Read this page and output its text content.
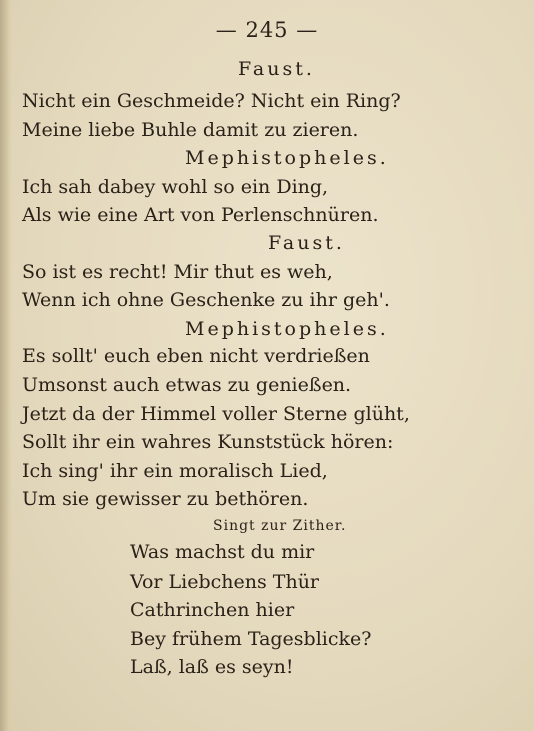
— 245 —
Faust.
Nicht ein Geschmeide? Nicht ein Ring?
Meine liebe Buhle damit zu zieren.
Mephistopheles.
Ich sah dabey wohl so ein Ding,
Als wie eine Art von Perlenschnüren.
Faust.
So ist es recht! Mir thut es weh,
Wenn ich ohne Geschenke zu ihr geh'.
Mephistopheles.
Es sollt' euch eben nicht verdrießen
Umsonst auch etwas zu genießen.
Jetzt da der Himmel voller Sterne glüht,
Sollt ihr ein wahres Kunststück hören:
Ich sing' ihr ein moralisch Lied,
Um sie gewisser zu bethören.
Singt zur Zither.
Was machst du mir
Vor Liebchens Thür
Cathrinchen hier
Bey frühem Tagesblicke?
Laß, laß es seyn!
